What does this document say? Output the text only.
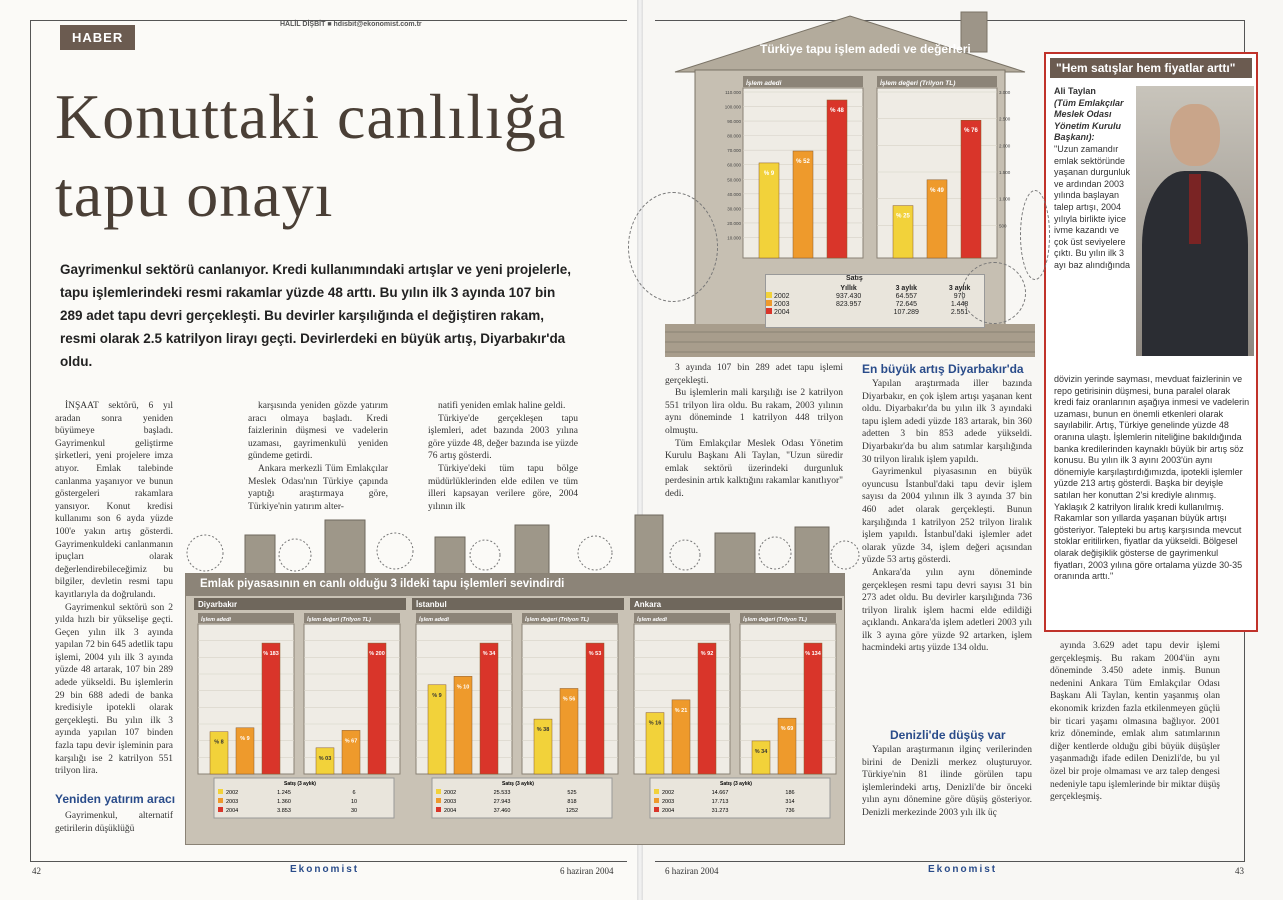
HABER
HALİL DİŞBİT ■ hdisbit@ekonomist.com.tr
Konuttaki canlılığa
tapu onayı
Gayrimenkul sektörü canlanıyor. Kredi kullanımındaki artışlar ve yeni projelerle, tapu işlemlerindeki resmi rakamlar yüzde 48 arttı. Bu yılın ilk 3 ayında 107 bin 289 adet tapu devri gerçekleşti. Bu devirler karşılığında el değiştiren rakam, resmi olarak 2.5 katrilyon lirayı geçti. Devirlerdeki en büyük artış, Diyarbakır'da oldu.

İNŞAAT sektörü, 6 yıl aradan sonra yeniden büyümeye başladı. Gayrimenkul geliştirme şirketleri, yeni projelere imza atıyor. Emlak talebinde canlanma yaşanıyor ve bunun göstergeleri rakamlara yansıyor. Konut kredisi kullanımı son 6 ayda yüzde 100'e yakın artış gösterdi. Gayrimenkuldeki canlanmanın ipuçları olarak değerlendirebileceğimiz bu bilgiler, devletin resmi tapu kayıtlarıyla da doğrulandı.

Gayrimenkul sektörü son 2 yılda hızlı bir yükselişe geçti. Geçen yılın ilk 3 ayında yapılan 72 bin 645 adetlik tapu işlemi, 2004 yılı ilk 3 ayında yüzde 48 artarak, 107 bin 289 adede yükseldi. Bu işlemlerin 29 bin 688 adedi de banka kredisiyle ipotekli olarak gerçekleşti. Bu yılın ilk 3 ayında yapılan 107 binden fazla tapu devir işleminin para karşılığı ise 2 katrilyon 551 trilyon lira.

Yeniden yatırım aracı

Gayrimenkul, alternatif getirilerin düşüklüğü

karşısında yeniden gözde yatırım aracı olmaya başladı. Kredi faizlerinin düşmesi ve vadelerin uzaması, gayrimenkulü yeniden gündeme getirdi.

Ankara merkezli Tüm Emlakçılar Meslek Odası'nın Türkiye çapında yaptığı araştırmaya göre, Türkiye'nin yatırım alter-

natifi yeniden emlak haline geldi.

Türkiye'de gerçekleşen tapu işlemleri, adet bazında 2003 yılına göre yüzde 48, değer bazında ise yüzde 76 artış gösterdi.

Türkiye'deki tüm tapu bölge müdürlüklerinden elde edilen ve tüm illeri kapsayan verilere göre, 2004 yılının ilk

3 ayında 107 bin 289 adet tapu işlemi gerçekleşti.

Bu işlemlerin mali karşılığı ise 2 katrilyon 551 trilyon lira oldu. Bu rakam, 2003 yılının aynı döneminde 1 katrilyon 448 trilyon olmuştu.

Tüm Emlakçılar Meslek Odası Yönetim Kurulu Başkanı Ali Taylan, "Uzun süredir emlak sektörü üzerindeki durgunluk perdesinin artık kalktığını rakamlar kanıtlıyor" dedi.

En büyük artış Diyarbakır'da

Yapılan araştırmada iller bazında Diyarbakır, en çok işlem artışı yaşanan kent oldu. Diyarbakır'da bu yılın ilk 3 ayındaki tapu işlem adedi yüzde 183 artarak, bin 360 adetten 3 bin 853 adede yükseldi. Diyarbakır'da bu alım satımlar karşılığında 30 trilyon liralık işlem yapıldı.

Gayrimenkul piyasasının en büyük oyuncusu İstanbul'daki tapu devir işlem sayısı da 2004 yılının ilk 3 ayında 37 bin 460 adet olarak gerçekleşti. Bunun karşılığında 1 katrilyon 252 trilyon liralık işlem yapıldı. İstanbul'daki işlemler adet olarak yüzde 34, işlem değeri açısından yüzde 53 artış gösterdi.

Ankara'da yılın aynı döneminde gerçekleşen resmi tapu devri sayısı 31 bin 273 adet oldu. Bu devirler karşılığında 736 trilyon liralık işlem hacmi elde edildiği açıklandı. Ankara'da işlem adetleri 2003 yılı ilk 3 ayına göre yüzde 92 artarken, işlem hacmindeki artış yüzde 134 oldu.

Denizli'de düşüş var

Yapılan araştırmanın ilginç verilerinden birini de Denizli merkez oluşturuyor. Türkiye'nin 81 ilinde görülen tapu işlemlerindeki artış, Denizli'de bir önceki yılın aynı dönemine göre düşüş gösteriyor. Denizli merkezinde 2003 yılı ilk üç

ayında 3.629 adet tapu devir işlemi gerçekleşmiş. Bu rakam 2004'ün aynı döneminde 3.450 adete inmiş. Bunun nedenini Ankara Tüm Emlakçılar Odası Başkanı Ali Taylan, kentin yaşanmış olan ekonomik krizden fazla etkilenmeyen güçlü bir ticari yaşamı olmasına bağlıyor. 2001 kriz döneminde, emlak alım satımlarının diğer kentlerde olduğu gibi büyük düşüşler yaşanmadığı ifade edilen Denizli'de, bu yıl özel bir proje olmaması ve arz talep dengesi nedeniyle tapu işlemlerinde bir miktar düşüş gerçekleşmiş.

"Hem satışlar hem fiyatlar arttı"
Ali Taylan
(Tüm Emlakçılar Meslek Odası Yönetim Kurulu Başkanı):
"Uzun zamandır emlak sektöründe yaşanan durgunluk ve ardından 2003 yılında başlayan talep artışı, 2004 yılıyla birlikte iyice ivme kazandı ve çok üst seviyelere çıktı. Bu yılın ilk 3 ayı baz alındığında
dövizin yerinde sayması, mevduat faizlerinin ve repo getirisinin düşmesi, buna paralel olarak kredi faiz oranlarının aşağıya inmesi ve vadelerin uzaması, bunun en önemli etkenleri olarak sayılabilir. Artış, Türkiye genelinde yüzde 48 oranına ulaştı. İşlemlerin niteliğine bakıldığında banka kredilerinden kaynaklı büyük bir artış söz konusu. Bu yılın ilk 3 ayını 2003'ün aynı dönemiyle karşılaştırdığımızda, ipotekli işlemler yüzde 213 artış gösterdi. Başka bir deyişle satılan her konuttan 2'si krediyle alınmış. Yaklaşık 2 katrilyon liralık kredi kullanılmış. Rakamlar son yıllarda yaşanan büyük artışı gösteriyor. Talepteki bu artış karşısında mevcut stoklar eritilirken, fiyatlar da yükseldi. Bölgesel olarak değişiklik gösterse de gayrimenkul fiyatları, 2003 yılına göre ortalama yüzde 30-35 oranında arttı."
Türkiye tapu işlem adedi ve değerleri
İşlem adedi
110.000
100.000
90.000
80.000
70.000
60.000
50.000
40.000
30.000
20.000
10.000
% 9
% 52
% 48
İşlem değeri (Trilyon TL)
3.000
2.500
2.000
1.500
1.000
500
% 25
% 49
% 76
Satış
	Yıllık	3 aylık	3 aylık
2002	937.430	64.557	970
2003	823.957	72.645	1.448
2004		107.289	2.551
Emlak piyasasının en canlı olduğu 3 ildeki tapu işlemleri sevindirdi
Diyarbakır
İşlem adedi
% 8
% 9
% 183
İşlem değeri (Trilyon TL)
% 03
% 67
% 200
Satış (3 aylık)
2002	1.245	6
2003	1.360	10
2004	3.853	30
İstanbul
İşlem adedi
% 9
% 10
% 34
İşlem değeri (Trilyon TL)
% 38
% 56
% 53
Satış (3 aylık)
2002	25.533	525
2003	27.943	818
2004	37.460	1252
Ankara
İşlem adedi
% 16
% 21
% 92
İşlem değeri (Trilyon TL)
% 34
% 69
% 134
Satış (3 aylık)
2002	14.667	186
2003	17.713	314
2004	31.273	736
42	Ekonomist	6 haziran 2004	6 haziran 2004	Ekonomist	43
